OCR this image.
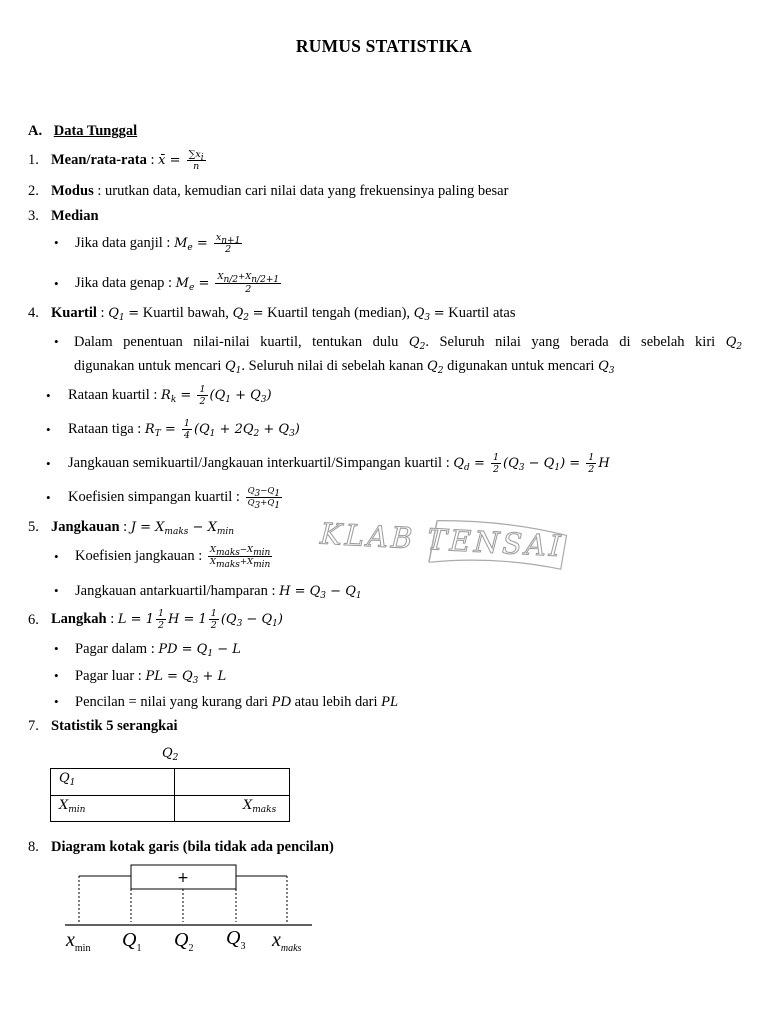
RUMUS STATISTIKA
A. Data Tunggal
1. Mean/rata-rata : x̄ = $\frac{\sum x_i}{n}$
2. Modus : urutkan data, kemudian cari nilai data yang frekuensinya paling besar
3. Median
• Jika data ganjil : $M_e = \frac{x_{n+1}}{2}$
• Jika data genap : $M_e = \frac{X_{n/2}+X_{n/2+1}}{2}$
4. Kuartil : $Q_1$ = Kuartil bawah, $Q_2$ = Kuartil tengah (median), $Q_3$ = Kuartil atas
• Dalam penentuan nilai-nilai kuartil, tentukan dulu $Q_2$. Seluruh nilai yang berada di sebelah kiri $Q_2$
digunakan untuk mencari $Q_1$. Seluruh nilai di sebelah kanan $Q_2$ digunakan untuk mencari $Q_3$
• Rataan kuartil : $R_k = \frac{1}{2} (Q_1 + Q_3)$
• Rataan tiga : $R_T = \frac{1}{4} (Q_1 + 2Q_2 + Q_3)$
• Jangkauan semikuartil/Jangkauan interkuartil/Simpangan kuartil : $Q_d = \frac{1}{2} (Q_3 - Q_1) = \frac{1}{2}$ H
• Koefisien simpangan kuartil : $\frac{Q_3-Q_1}{Q_3+Q_1}$
5. Jangkauan : $J = X_{maks} - X_{min}$
• Koefisien jangkauan : $\frac{X_{maks}-X_{min}}{X_{maks}+X_{min}}$
• Jangkauan antarkuartil/hamparan : $H = Q_3 - Q_1$
6. Langkah : $L = 1 \frac{1}{2}$ $H = 1 \frac{1}{2} (Q_3 - Q_1)$
• Pagar dalam : PD = $Q_1 - L$
• Pagar luar : PL = $Q_3 + L$
• Pencilan = nilai yang kurang dari PD atau lebih dari PL
7. Statistik 5 serangkai
$Q_2$
$Q_1$
$X_{min}$	$X_{maks}$
8. Diagram kotak garis (bila tidak ada pencilan)
+
$x_{min}$ $Q_1$ $Q_2$ $Q_3$ $x_{maks}$
KLAB TENSAI
